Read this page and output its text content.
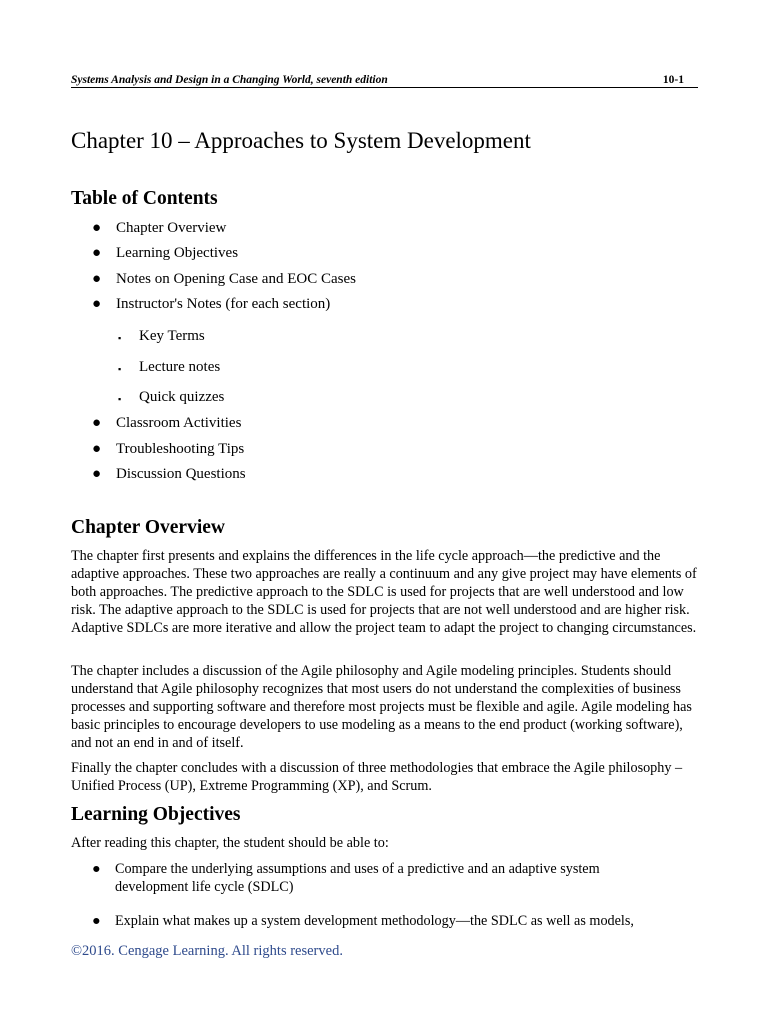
Systems Analysis and Design in a Changing World, seventh edition	10-1
Chapter 10 – Approaches to System Development
Table of Contents
● Chapter Overview
● Learning Objectives
● Notes on Opening Case and EOC Cases
● Instructor's Notes (for each section)
▪ Key Terms
▪ Lecture notes
▪ Quick quizzes
● Classroom Activities
● Troubleshooting Tips
● Discussion Questions
Chapter Overview

The chapter first presents and explains the differences in the life cycle approach—the predictive and the adaptive approaches. These two approaches are really a continuum and any give project may have elements of both approaches. The predictive approach to the SDLC is used for projects that are well understood and low risk. The adaptive approach to the SDLC is used for projects that are not well understood and are higher risk. Adaptive SDLCs are more iterative and allow the project team to adapt the project to changing circumstances.

The chapter includes a discussion of the Agile philosophy and Agile modeling principles. Students should understand that Agile philosophy recognizes that most users do not understand the complexities of business processes and supporting software and therefore most projects must be flexible and agile. Agile modeling has basic principles to encourage developers to use modeling as a means to the end product (working software), and not an end in and of itself.

Finally the chapter concludes with a discussion of three methodologies that embrace the Agile philosophy – Unified Process (UP), Extreme Programming (XP), and Scrum.

Learning Objectives

After reading this chapter, the student should be able to:

● Compare the underlying assumptions and uses of a predictive and an adaptive system development life cycle (SDLC)
● Explain what makes up a system development methodology—the SDLC as well as models,
©2016. Cengage Learning. All rights reserved.
